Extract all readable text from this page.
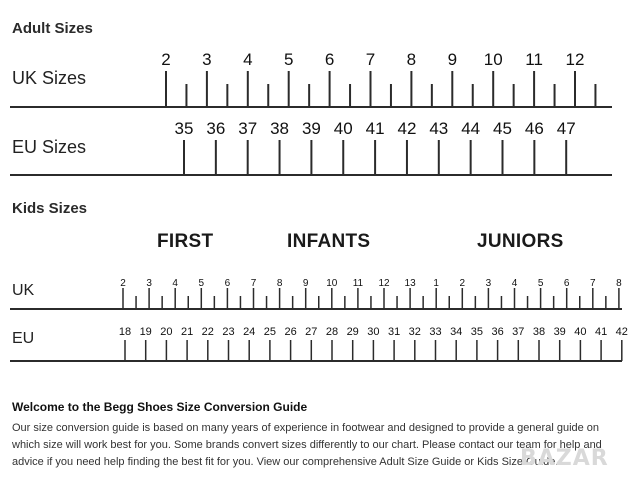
Adult Sizes
UK Sizes
EU Sizes
Kids Sizes
FIRST	INFANTS	JUNIORS
UK
EU
2 3 4 5 6 7 8 9 10 11 12
35 36 37 38 39 40 41 42 43 44 45 46 47
2 3 4 5 6 7 8 9 10 11 12 13 1 2 3 4 5 6 7 8
18 19 20 21 22 23 24 25 26 27 28 29 30 31 32 33 34 35 36 37 38 39 40 41 42
Welcome to the Begg Shoes Size Conversion Guide
Our size conversion guide is based on many years of experience in footwear and designed to provide a general guide on which size will work best for you. Some brands convert sizes differently to our chart. Please contact our team for help and advice if you need help finding the best fit for you. View our comprehensive Adult Size Guide or Kids Size Guide.
BAZAR
